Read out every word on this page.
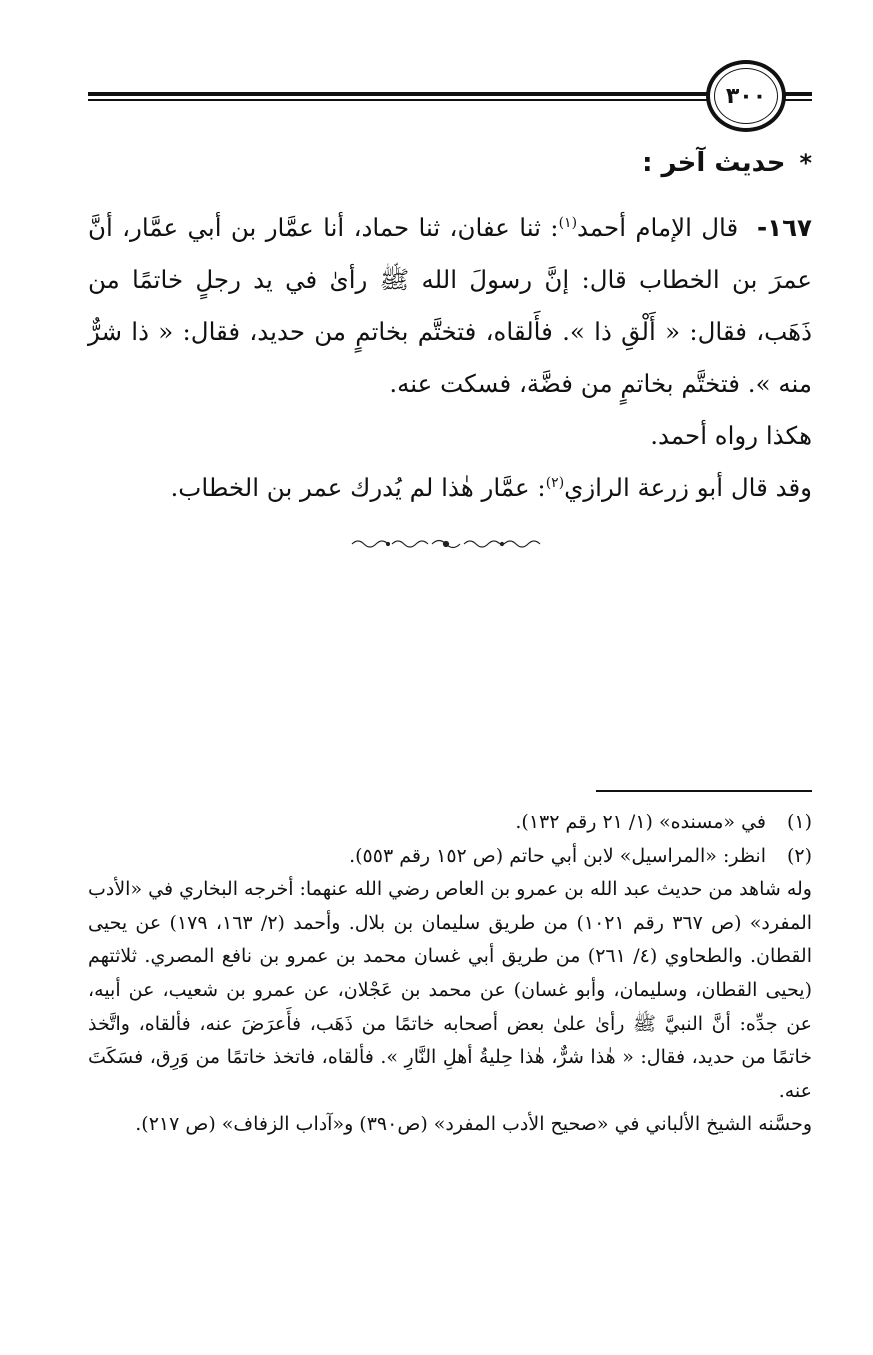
٣٠٠
*حديث آخر :

١٦٧-  قال الإمام أحمد$^{(١)}$: ثنا عفان، ثنا حماد، أنا عمَّار بن أبي عمَّار، أنَّ عمرَ بن الخطاب قال: إنَّ رسولَ الله ﷺ رأىٰ في يد رجلٍ خاتمًا من ذَهَب، فقال: « أَلْقِ ذا ». فأَلقاه، فتختَّم بخاتمٍ من حديد، فقال: « ذا شرٌّ منه ». فتختَّم بخاتمٍ من فضَّة، فسكت عنه.

هكذا رواه أحمد.

وقد قال أبو زرعة الرازي$^{(٢)}$: عمَّار هٰذا لم يُدرك عمر بن الخطاب.

(١)في «مسنده» (١/ ٢١ رقم ١٣٢).

(٢)انظر: «المراسيل» لابن أبي حاتم (ص ١٥٢ رقم ٥٥٣).

وله شاهد من حديث عبد الله بن عمرو بن العاص رضي الله عنهما: أخرجه البخاري في «الأدب المفرد» (ص ٣٦٧ رقم ١٠٢١) من طريق سليمان بن بلال. وأحمد (٢/ ١٦٣، ١٧٩) عن يحيى القطان. والطحاوي (٤/ ٢٦١) من طريق أبي غسان محمد بن عمرو بن نافع المصري. ثلاثتهم (يحيى القطان، وسليمان، وأبو غسان) عن محمد بن عَجْلان، عن عمرو بن شعيب، عن أبيه، عن جدِّه: أنَّ النبيَّ ﷺ رأىٰ علىٰ بعض أصحابه خاتمًا من ذَهَب، فأَعرَضَ عنه، فألقاه، واتَّخذ خاتمًا من حديد، فقال: « هٰذا شرٌّ، هٰذا حِليةُ أهلِ النَّارِ ». فألقاه، فاتخذ خاتمًا من وَرِق، فسَكَتَ عنه.

وحسَّنه الشيخ الألباني في «صحيح الأدب المفرد» (ص٣٩٠) و«آداب الزفاف» (ص ٢١٧).
